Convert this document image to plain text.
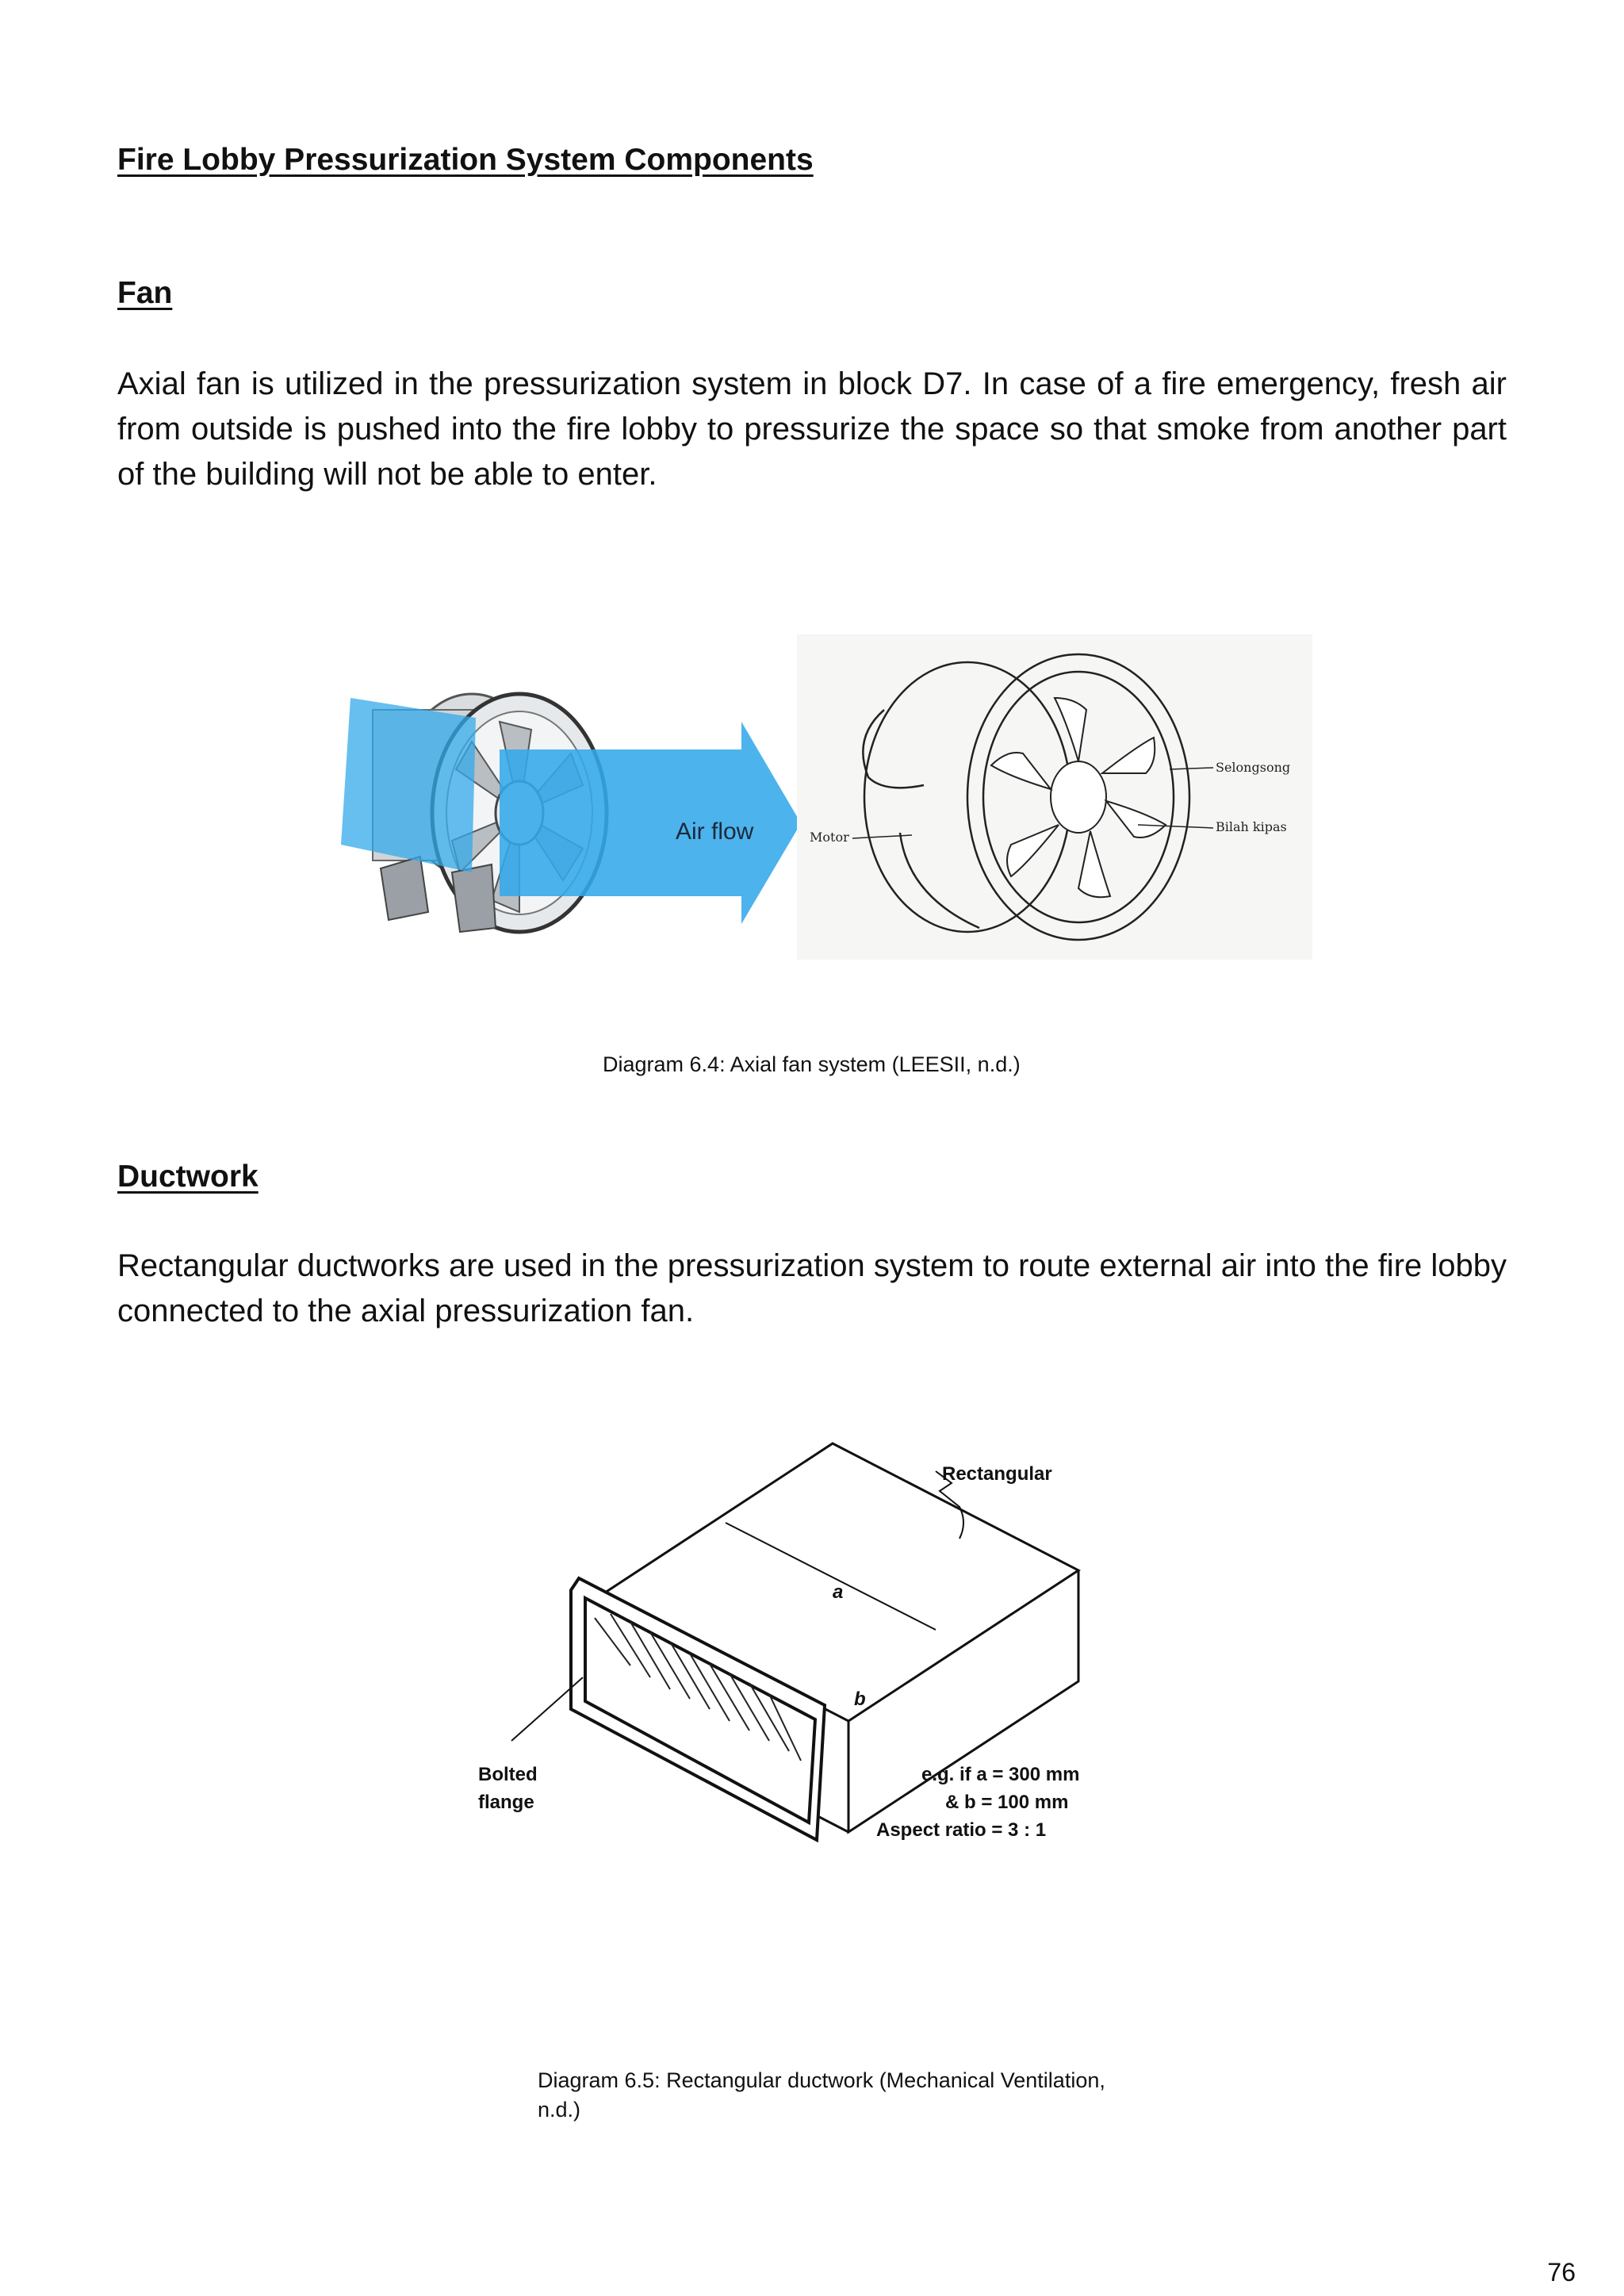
Fire Lobby Pressurization System Components
Fan

Axial fan is utilized in the pressurization system in block D7. In case of a fire emergency, fresh air from outside is pushed into the fire lobby to pressurize the space so that smoke from another part of the building will not be able to enter.

Air flow
Selongsong
Bilah kipas
Motor

Diagram 6.4: Axial fan system (LEESII, n.d.)

Ductwork

Rectangular ductworks are used in the pressurization system to route external air into the fire lobby connected to the axial pressurization fan.

Rectangular
a
b
Bolted
flange
e.g. if a = 300 mm
& b = 100 mm
Aspect ratio = 3 : 1

Diagram 6.5: Rectangular ductwork (Mechanical Ventilation,

n.d.)

76
